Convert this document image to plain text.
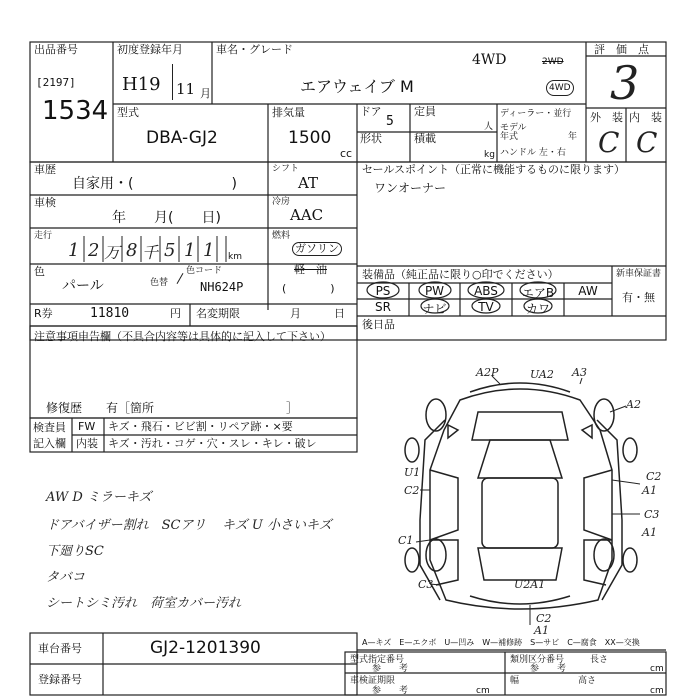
出品番号
[2197]
1534
初度登録年月
H19 11 月
車名・グレード
4WD	2WD
4WD
エアウェイブ M
評　価　点
3
外　装 内　装
C C
型式
DBA-GJ2
排気量
1500
cc
ドア
5
定員
人
形状	積載
kg
ディーラー・並行
モデル
年式	年
ハンドル 左・右
車歴
自家用・(　　　　　　　)
シフト
AT
車検
年　　月(　　日)
冷房
AAC
走行
1 2 万 8 千 5 1 1 km
燃料
ガソリン
軽　油
(　　　　)
色
パール	色替
色コード
NH624P
R券	11810	円 名変期限	月　　　日
セールスポイント（正常に機能するものに限ります）
ワンオーナー
装備品（純正品に限り○印でください）
PS	PW	ABS	エアB	AW
SR	ナビ	TV	カワ
新車保証書
有・無
後日品
注意事項申告欄（不具合内容等は具体的に記入して下さい）
修復歴　　有［箇所　　　　　　　　　　　］
検査員
記入欄
FW キズ・飛石・ビビ割・リペア跡・×要
内装 キズ・汚れ・コゲ・穴・スレ・キレ・破レ
AW D ミラーキズ
ドアバイザー割れ　SCアリ キズ U 小さいキズ
下廻りSC
タバコ
シートシミ汚れ　荷室カバー汚れ
A2P	UA2 A3
A2
U1
C2
C2
A1
C3
C1
C3	U2A1
C2
A1
A1
A—キズ　E—エクボ　U—凹み　W—補修跡　S—サビ　C—腐食　XX—交換
車台番号	GJ2-1201390
登録番号
型式指定番号
参　　考
類別区分番号
参　　考
長さ
cm
車検証期限
参　　考	cm
幅	高さ
cm
